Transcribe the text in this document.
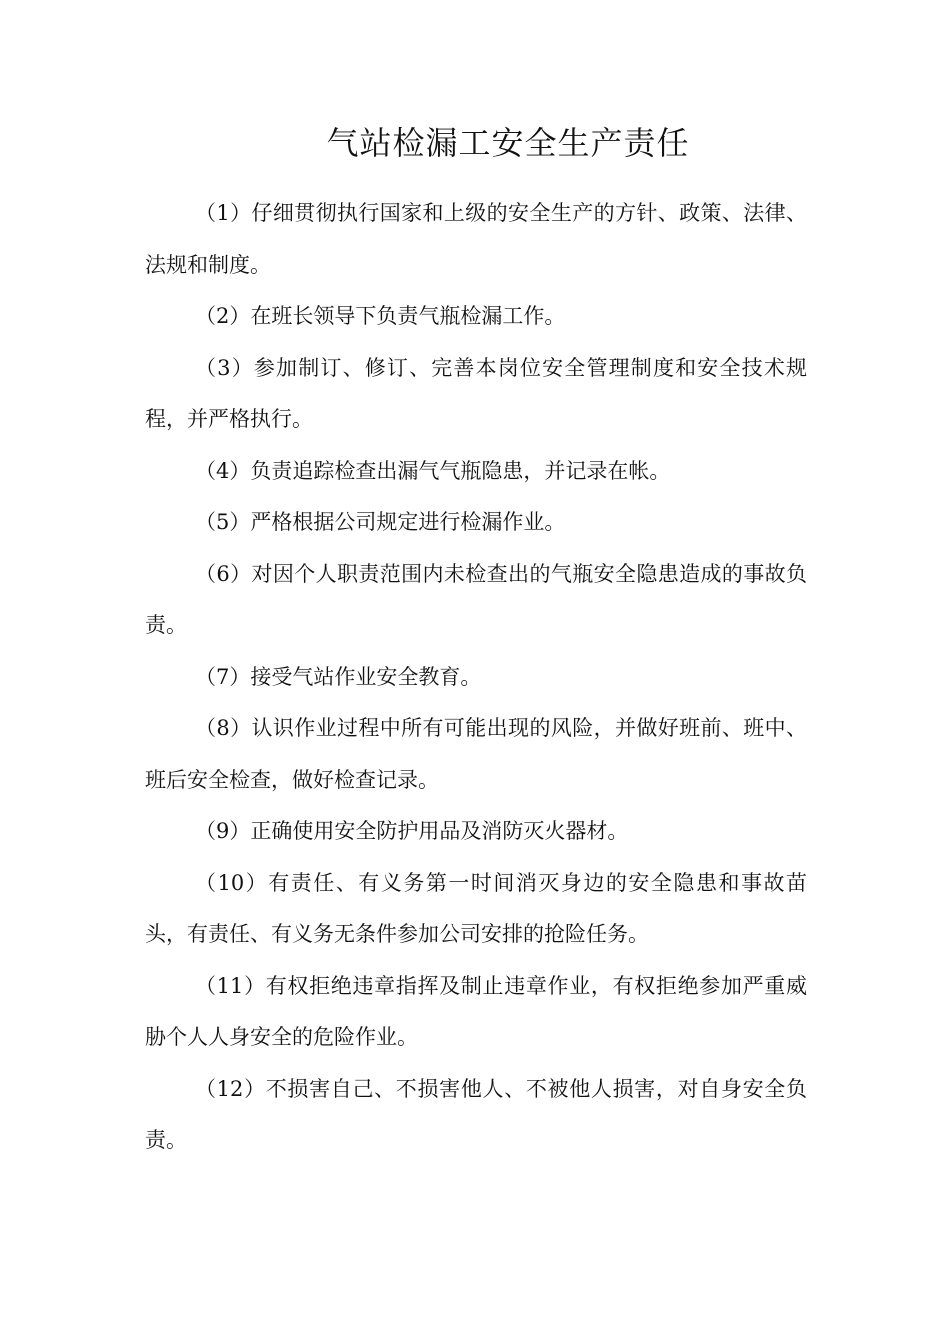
气站检漏工安全生产责任

（1）仔细贯彻执行国家和上级的安全生产的方针、政策、法律、法规和制度。

（2）在班长领导下负责气瓶检漏工作。

（3）参加制订、修订、完善本岗位安全管理制度和安全技术规程，并严格执行。

（4）负责追踪检查出漏气气瓶隐患，并记录在帐。

（5）严格根据公司规定进行检漏作业。

（6）对因个人职责范围内未检查出的气瓶安全隐患造成的事故负责。

（7）接受气站作业安全教育。

（8）认识作业过程中所有可能出现的风险，并做好班前、班中、班后安全检查，做好检查记录。

（9）正确使用安全防护用品及消防灭火器材。

（10）有责任、有义务第一时间消灭身边的安全隐患和事故苗头，有责任、有义务无条件参加公司安排的抢险任务。

（11）有权拒绝违章指挥及制止违章作业，有权拒绝参加严重威胁个人人身安全的危险作业。

（12）不损害自己、不损害他人、不被他人损害，对自身安全负责。
